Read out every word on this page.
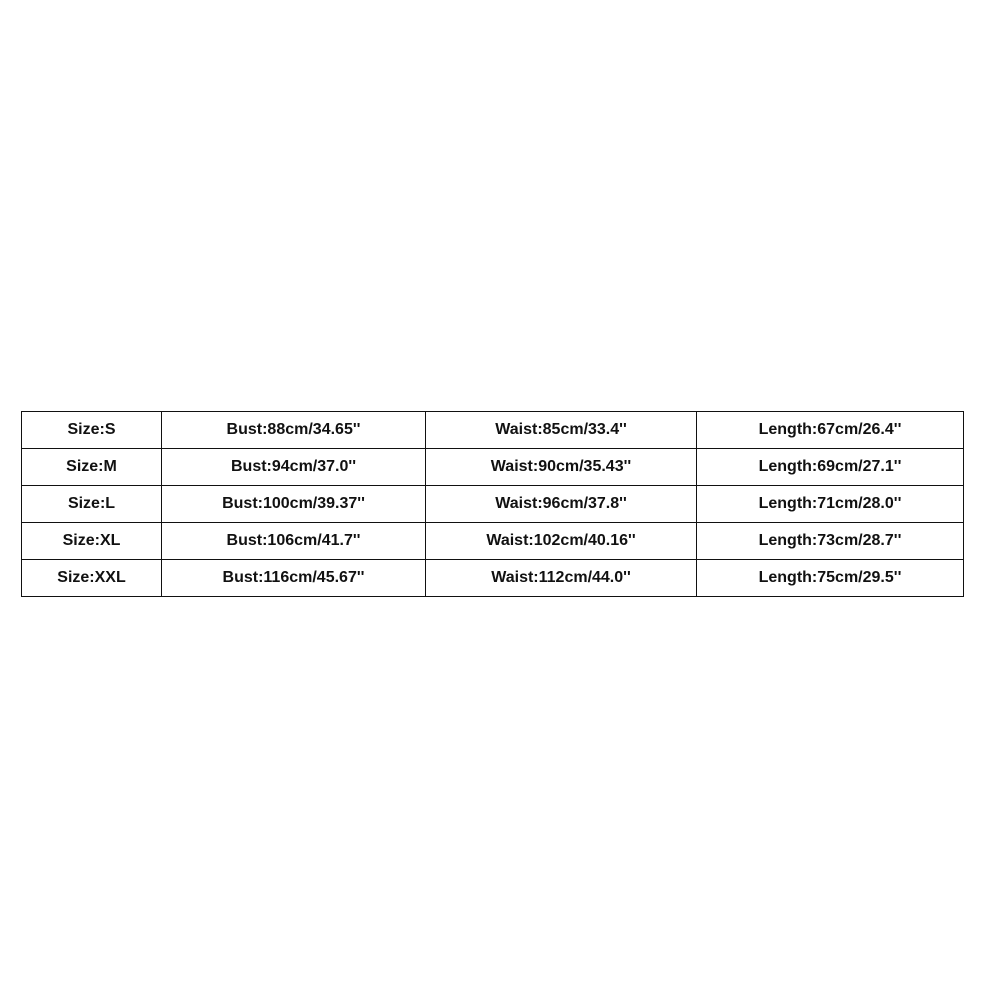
Size:S	Bust:88cm/34.65''	Waist:85cm/33.4''	Length:67cm/26.4''
Size:M	Bust:94cm/37.0''	Waist:90cm/35.43''	Length:69cm/27.1''
Size:L	Bust:100cm/39.37''	Waist:96cm/37.8''	Length:71cm/28.0''
Size:XL	Bust:106cm/41.7''	Waist:102cm/40.16''	Length:73cm/28.7''
Size:XXL	Bust:116cm/45.67''	Waist:112cm/44.0''	Length:75cm/29.5''
